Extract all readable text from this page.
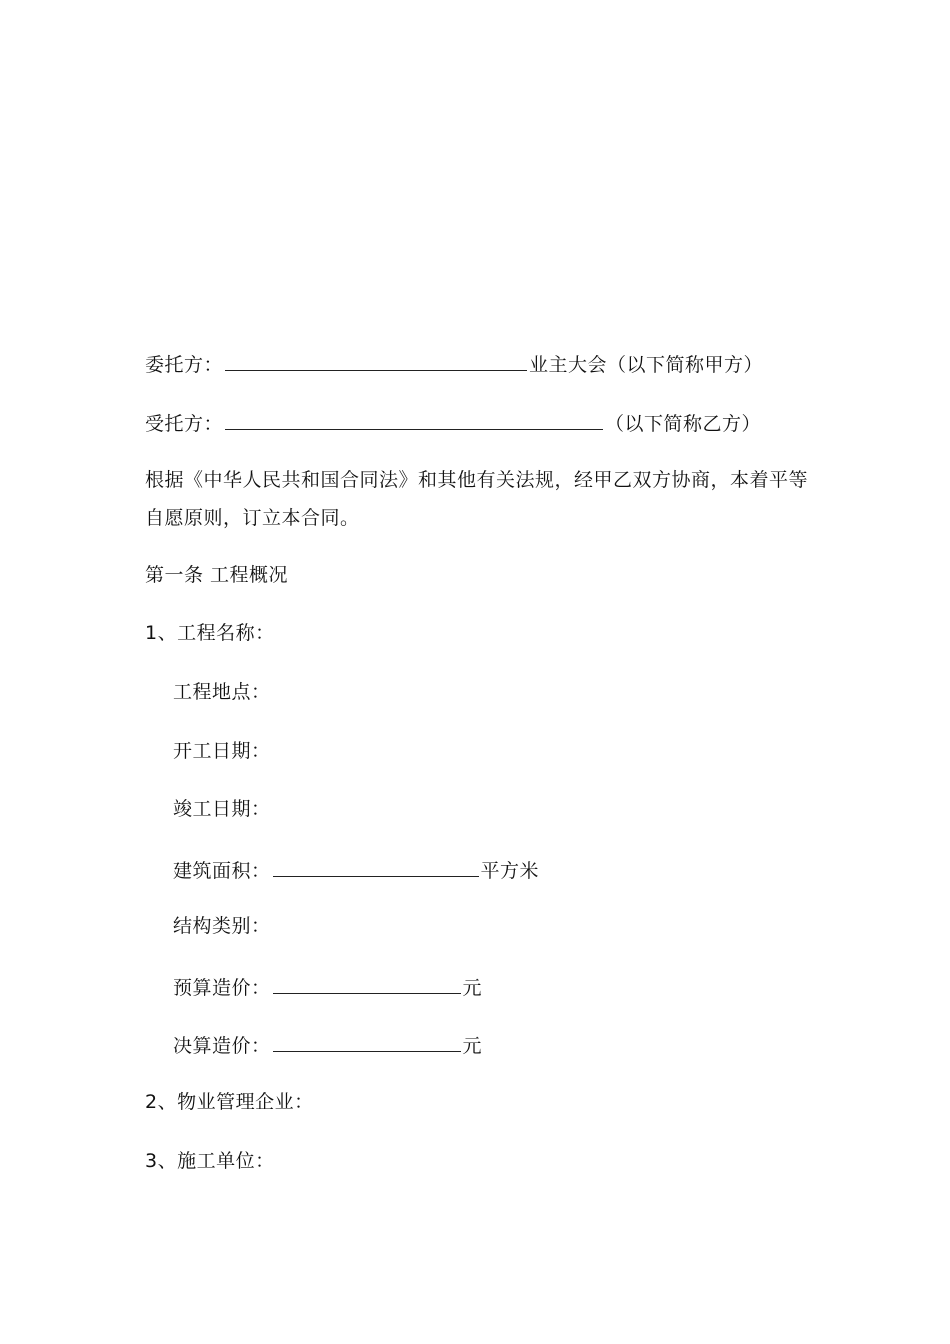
委托方：	业主大会（以下简称甲方）
受托方：	（以下简称乙方）
根据《中华人民共和国合同法》和其他有关法规，经甲乙双方协商，本着平等
自愿原则，订立本合同。
第一条 工程概况
1、工程名称：
工程地点：
开工日期：
竣工日期：
建筑面积：	平方米
结构类别：
预算造价：	元
决算造价：	元
2、物业管理企业：
3、施工单位：
